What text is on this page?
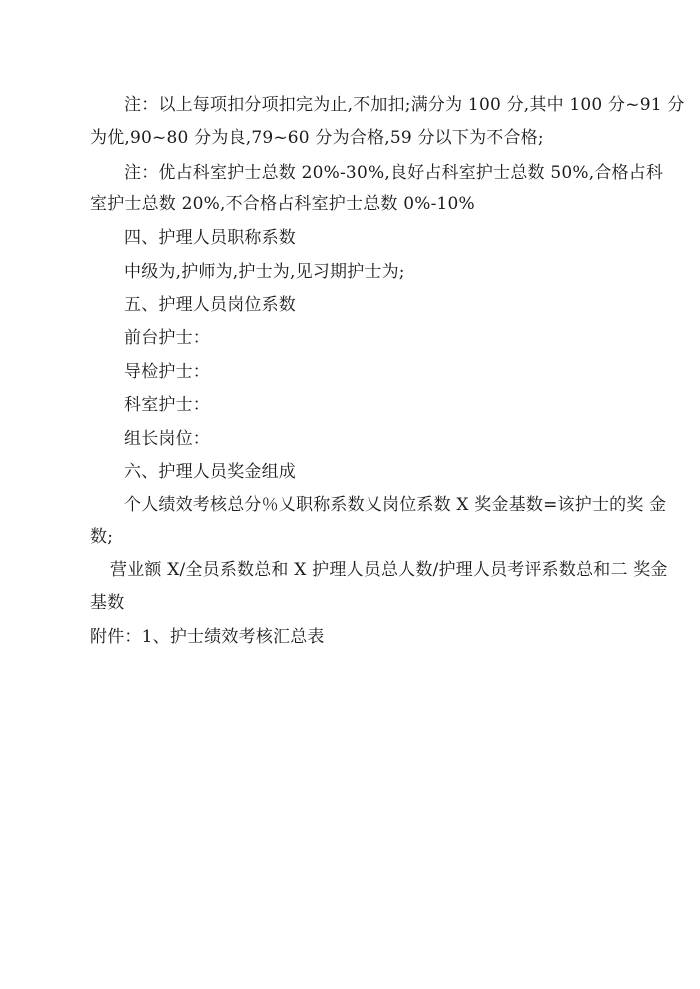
注：以上每项扣分项扣完为止,不加扣;满分为 100 分,其中 100 分~91 分
为优,90~80 分为良,79~60 分为合格,59 分以下为不合格;
注：优占科室护士总数 20%-30%,良好占科室护士总数 50%,合格占科
室护士总数 20%,不合格占科室护士总数 0%-10%
四、护理人员职称系数
中级为,护师为,护士为,见习期护士为;
五、护理人员岗位系数
前台护士：
导检护士：
科室护士：
组长岗位：
六、护理人员奖金组成
个人绩效考核总分％乂职称系数乂岗位系数 X 奖金基数=该护士的奖 金
数;
营业额 X/全员系数总和 X 护理人员总人数/护理人员考评系数总和二 奖金
基数
附件：1、护士绩效考核汇总表
